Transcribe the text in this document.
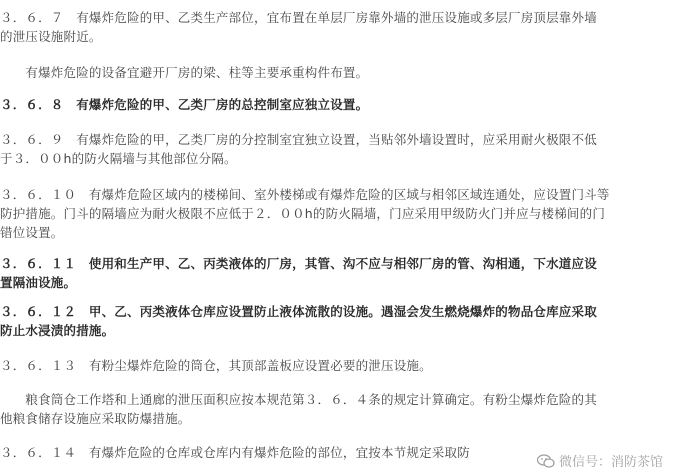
３．６．７　有爆炸危险的甲、乙类生产部位，宜布置在单层厂房靠外墙的泄压设施或多层厂房顶层靠外墙
的泄压设施附近。
　　有爆炸危险的设备宜避开厂房的梁、柱等主要承重构件布置。
３．６．８　有爆炸危险的甲、乙类厂房的总控制室应独立设置。
３．６．９　有爆炸危险的甲，乙类厂房的分控制室宜独立设置，当贴邻外墙设置时，应采用耐火极限不低
于３．００h的防火隔墙与其他部位分隔。
３．６．１０　有爆炸危险区域内的楼梯间、室外楼梯或有爆炸危险的区域与相邻区域连通处，应设置门斗等
防护措施。门斗的隔墙应为耐火极限不应低于２．００h的防火隔墙，门应采用甲级防火门并应与楼梯间的门
错位设置。
３．６．１１　使用和生产甲、乙、丙类液体的厂房，其管、沟不应与相邻厂房的管、沟相通，下水道应设
置隔油设施。
３．６．１２　甲、乙、丙类液体仓库应设置防止液体流散的设施。遇湿会发生燃烧爆炸的物品仓库应采取
防止水浸渍的措施。
３．６．１３　有粉尘爆炸危险的筒仓，其顶部盖板应设置必要的泄压设施。
　　粮食筒仓工作塔和上通廊的泄压面积应按本规范第３．６．４条的规定计算确定。有粉尘爆炸危险的其
他粮食储存设施应采取防爆措施。
３．６．１４　有爆炸危险的仓库或仓库内有爆炸危险的部位，宜按本节规定采取防
微信号：消防茶馆
